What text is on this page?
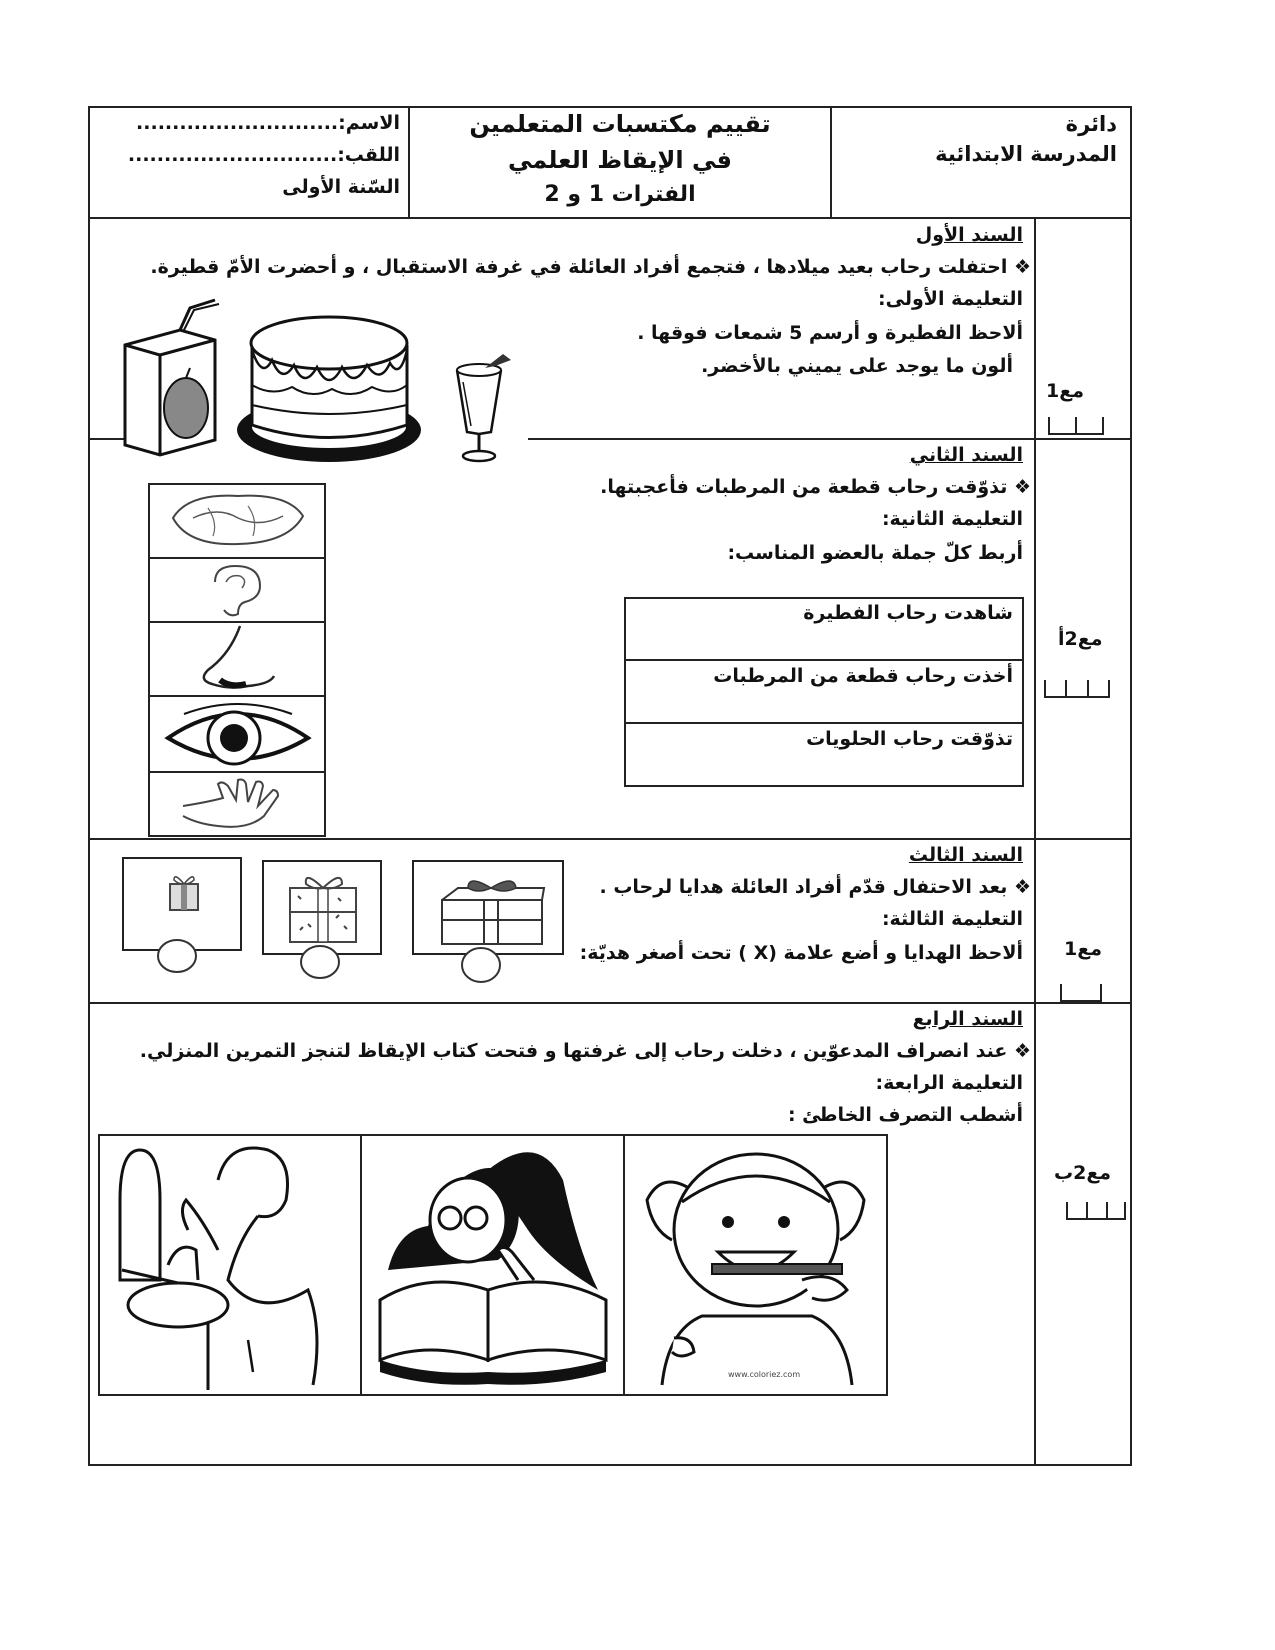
دائرة
المدرسة الابتدائية
تقييم مكتسبات المتعلمين
في الإيقاظ العلمي
الفترات 1 و 2
الاسم:............................
اللقب:.............................
السّنة الأولى
السند الأول
❖ احتفلت رحاب بعيد ميلادها ، فتجمع أفراد العائلة في غرفة الاستقبال ، و أحضرت الأمّ قطيرة.
التعليمة الأولى:
ألاحظ الفطيرة و أرسم 5 شمعات فوقها .
ألون ما يوجد على يميني بالأخضر.
مع1
السند الثاني
❖ تذوّقت رحاب قطعة من المرطبات فأعجبتها.
التعليمة الثانية:
أربط كلّ جملة بالعضو المناسب:
شاهدت رحاب الفطيرة
أخذت رحاب قطعة من المرطبات
تذوّقت رحاب الحلويات
مع2أ
السند الثالث
❖ بعد الاحتفال قدّم أفراد العائلة هدايا لرحاب .
التعليمة الثالثة:
ألاحظ الهدايا و أضع علامة (X ) تحت أصغر هديّة: مع1
السند الرابع
❖ عند انصراف المدعوّين ، دخلت رحاب إلى غرفتها و فتحت كتاب الإيقاظ لتنجز التمرين المنزلي.
التعليمة الرابعة:
أشطب التصرف الخاطئ :
www.coloriez.com
مع2ب
